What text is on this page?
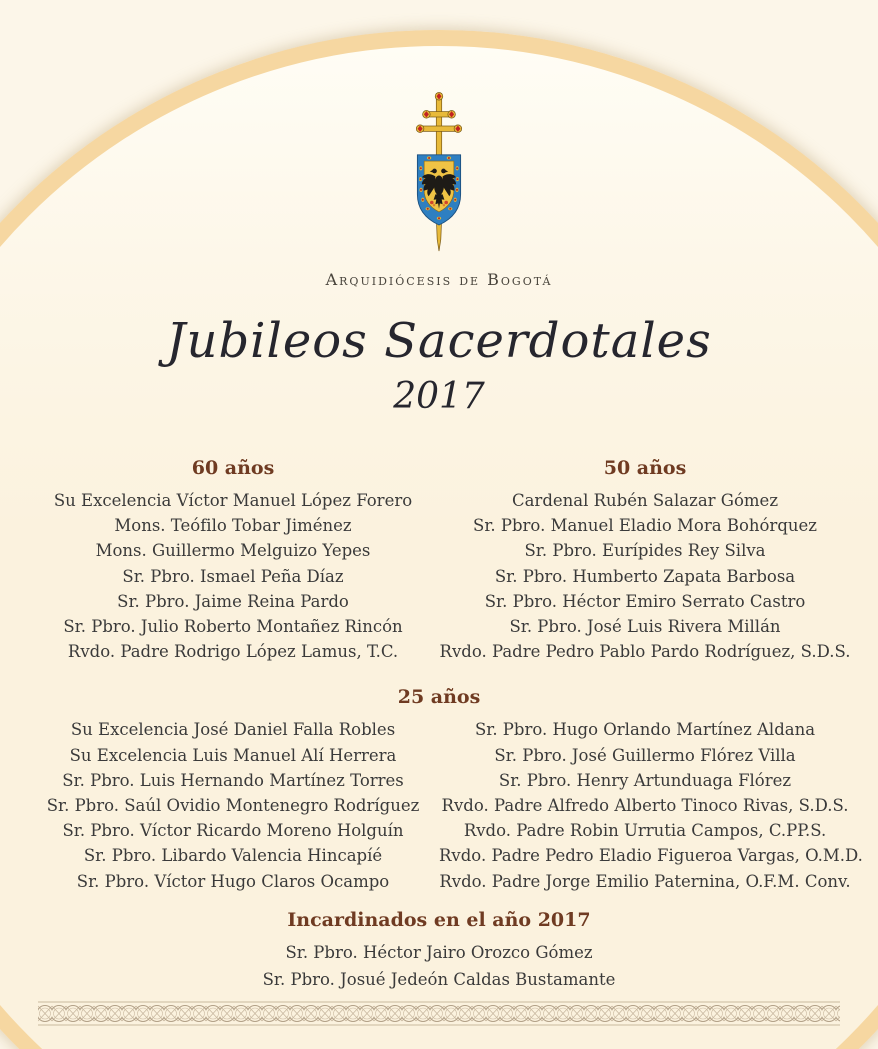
Arquidiócesis de Bogotá
Jubileos Sacerdotales
2017
60 años
Su Excelencia Víctor Manuel López Forero
Mons. Teófilo Tobar Jiménez
Mons. Guillermo Melguizo Yepes
Sr. Pbro. Ismael Peña Díaz
Sr. Pbro. Jaime Reina Pardo
Sr. Pbro. Julio Roberto Montañez Rincón
Rvdo. Padre Rodrigo López Lamus, T.C.
50 años
Cardenal Rubén Salazar Gómez
Sr. Pbro. Manuel Eladio Mora Bohórquez
Sr. Pbro. Eurípides Rey Silva
Sr. Pbro. Humberto Zapata Barbosa
Sr. Pbro. Héctor Emiro Serrato Castro
Sr. Pbro. José Luis Rivera Millán
Rvdo. Padre Pedro Pablo Pardo Rodríguez, S.D.S.
25 años
Su Excelencia José Daniel Falla Robles
Su Excelencia Luis Manuel Alí Herrera
Sr. Pbro. Luis Hernando Martínez Torres
Sr. Pbro. Saúl Ovidio Montenegro Rodríguez
Sr. Pbro. Víctor Ricardo Moreno Holguín
Sr. Pbro. Libardo Valencia Hincapíé
Sr. Pbro. Víctor Hugo Claros Ocampo
Sr. Pbro. Hugo Orlando Martínez Aldana
Sr. Pbro. José Guillermo Flórez Villa
Sr. Pbro. Henry Artunduaga Flórez
Rvdo. Padre Alfredo Alberto Tinoco Rivas, S.D.S.
Rvdo. Padre Robin Urrutia Campos, C.PP.S.
Rvdo. Padre Pedro Eladio Figueroa Vargas, O.M.D.
Rvdo. Padre Jorge Emilio Paternina, O.F.M. Conv.
Incardinados en el año 2017
Sr. Pbro. Héctor Jairo Orozco Gómez
Sr. Pbro. Josué Jedeón Caldas Bustamante
